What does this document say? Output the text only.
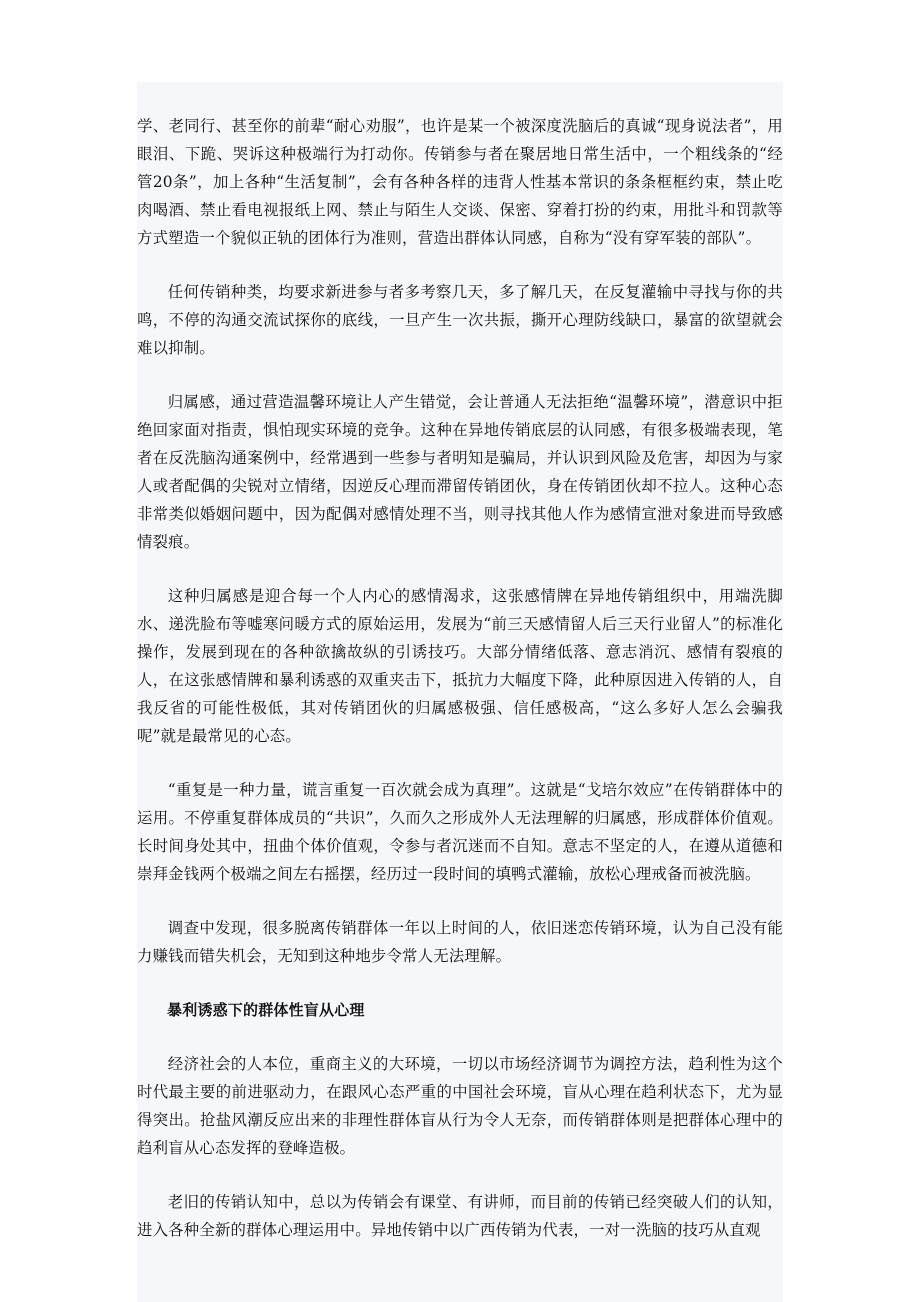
学、老同行、甚至你的前辈“耐心劝服”，也许是某一个被深度洗脑后的真诚“现身说法者”，用眼泪、下跪、哭诉这种极端行为打动你。传销参与者在聚居地日常生活中，一个粗线条的“经管20条”，加上各种“生活复制”，会有各种各样的违背人性基本常识的条条框框约束，禁止吃肉喝酒、禁止看电视报纸上网、禁止与陌生人交谈、保密、穿着打扮的约束，用批斗和罚款等方式塑造一个貌似正轨的团体行为准则，营造出群体认同感，自称为“没有穿军装的部队”。

任何传销种类，均要求新进参与者多考察几天，多了解几天，在反复灌输中寻找与你的共鸣，不停的沟通交流试探你的底线，一旦产生一次共振，撕开心理防线缺口，暴富的欲望就会难以抑制。

归属感，通过营造温馨环境让人产生错觉，会让普通人无法拒绝“温馨环境”，潜意识中拒绝回家面对指责，惧怕现实环境的竞争。这种在异地传销底层的认同感，有很多极端表现，笔者在反洗脑沟通案例中，经常遇到一些参与者明知是骗局，并认识到风险及危害，却因为与家人或者配偶的尖锐对立情绪，因逆反心理而滞留传销团伙，身在传销团伙却不拉人。这种心态非常类似婚姻问题中，因为配偶对感情处理不当，则寻找其他人作为感情宣泄对象进而导致感情裂痕。

这种归属感是迎合每一个人内心的感情渴求，这张感情牌在异地传销组织中，用端洗脚水、递洗脸布等嘘寒问暖方式的原始运用，发展为“前三天感情留人后三天行业留人”的标准化操作，发展到现在的各种欲擒故纵的引诱技巧。大部分情绪低落、意志消沉、感情有裂痕的人，在这张感情牌和暴利诱惑的双重夹击下，抵抗力大幅度下降，此种原因进入传销的人，自我反省的可能性极低，其对传销团伙的归属感极强、信任感极高，“这么多好人怎么会骗我呢”就是最常见的心态。

“重复是一种力量，谎言重复一百次就会成为真理”。这就是“戈培尔效应”在传销群体中的运用。不停重复群体成员的“共识”，久而久之形成外人无法理解的归属感，形成群体价值观。长时间身处其中，扭曲个体价值观，令参与者沉迷而不自知。意志不坚定的人，在遵从道德和崇拜金钱两个极端之间左右摇摆，经历过一段时间的填鸭式灌输，放松心理戒备而被洗脑。

调查中发现，很多脱离传销群体一年以上时间的人，依旧迷恋传销环境，认为自己没有能力赚钱而错失机会，无知到这种地步令常人无法理解。

暴利诱惑下的群体性盲从心理

经济社会的人本位，重商主义的大环境，一切以市场经济调节为调控方法，趋利性为这个时代最主要的前进驱动力，在跟风心态严重的中国社会环境，盲从心理在趋利状态下，尤为显得突出。抢盐风潮反应出来的非理性群体盲从行为令人无奈，而传销群体则是把群体心理中的趋利盲从心态发挥的登峰造极。

老旧的传销认知中，总以为传销会有课堂、有讲师，而目前的传销已经突破人们的认知，进入各种全新的群体心理运用中。异地传销中以广西传销为代表，一对一洗脑的技巧从直观
